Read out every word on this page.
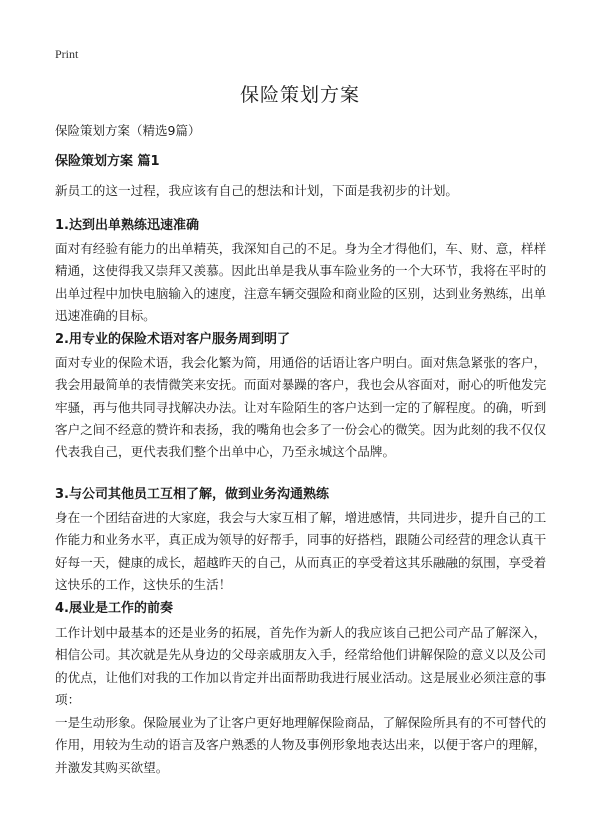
Print
保险策划方案
保险策划方案（精选9篇）
保险策划方案 篇1

新员工的这一过程，我应该有自己的想法和计划，下面是我初步的计划。

1.达到出单熟练迅速准确

面对有经验有能力的出单精英，我深知自己的不足。身为全才得他们，车、财、意，样样精通，这使得我又崇拜又羡慕。因此出单是我从事车险业务的一个大环节，我将在平时的出单过程中加快电脑输入的速度，注意车辆交强险和商业险的区别，达到业务熟练，出单迅速准确的目标。

2.用专业的保险术语对客户服务周到明了

面对专业的保险术语，我会化繁为简，用通俗的话语让客户明白。面对焦急紧张的客户，我会用最简单的表情微笑来安抚。而面对暴躁的客户，我也会从容面对，耐心的听他发完牢骚，再与他共同寻找解决办法。让对车险陌生的客户达到一定的了解程度。的确，听到客户之间不经意的赞许和表扬，我的嘴角也会多了一份会心的微笑。因为此刻的我不仅仅代表我自己，更代表我们整个出单中心，乃至永城这个品牌。

3.与公司其他员工互相了解，做到业务沟通熟练

身在一个团结奋进的大家庭，我会与大家互相了解，增进感情，共同进步，提升自己的工作能力和业务水平，真正成为领导的好帮手，同事的好搭档，跟随公司经营的理念认真干好每一天，健康的成长，超越昨天的自己，从而真正的享受着这其乐融融的氛围，享受着这快乐的工作，这快乐的生活！

4.展业是工作的前奏

工作计划中最基本的还是业务的拓展，首先作为新人的我应该自己把公司产品了解深入，相信公司。其次就是先从身边的父母亲戚朋友入手，经常给他们讲解保险的意义以及公司的优点，让他们对我的工作加以肯定并出面帮助我进行展业活动。这是展业必须注意的事项：

一是生动形象。保险展业为了让客户更好地理解保险商品，了解保险所具有的不可替代的作用，用较为生动的语言及客户熟悉的人物及事例形象地表达出来，以便于客户的理解，并激发其购买欲望。
